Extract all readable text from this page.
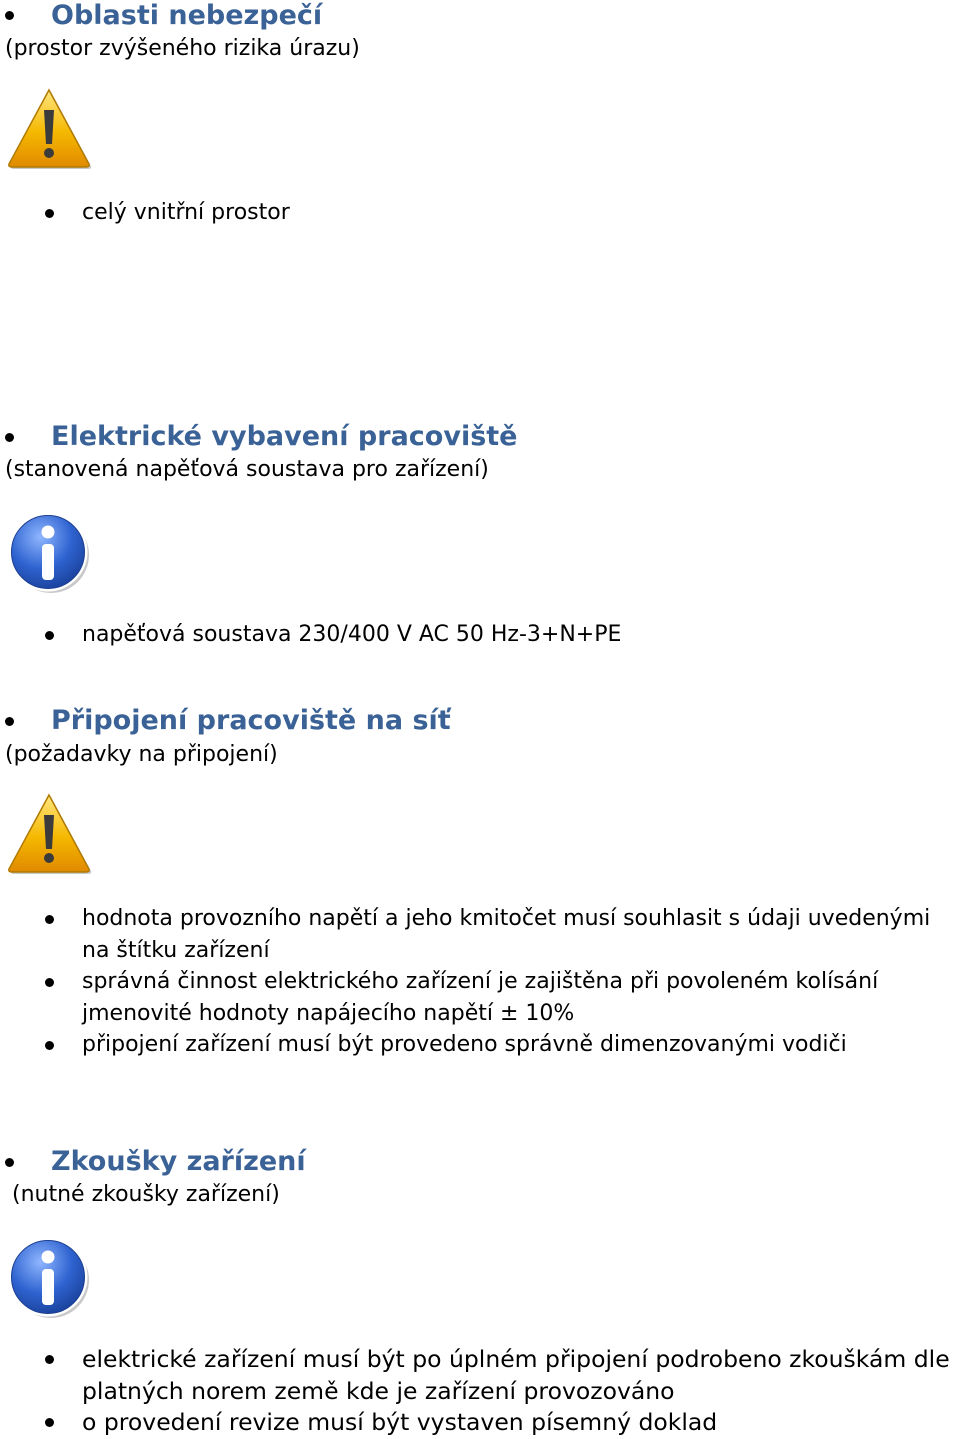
Oblasti nebezpečí
(prostor zvýšeného rizika úrazu)
celý vnitřní prostor
Elektrické vybavení pracoviště
(stanovená napěťová soustava pro zařízení)
napěťová soustava 230/400 V AC 50 Hz-3+N+PE
Připojení pracoviště na síť
(požadavky na připojení)
hodnota provozního napětí a jeho kmitočet musí souhlasit s údaji uvedenými
na štítku zařízení
správná činnost elektrického zařízení je zajištěna při povoleném kolísání
jmenovité hodnoty napájecího napětí ± 10%
připojení zařízení musí být provedeno správně dimenzovanými vodiči
Zkoušky zařízení
(nutné zkoušky zařízení)
elektrické zařízení musí být po úplném připojení podrobeno zkouškám dle
platných norem země kde je zařízení provozováno
o provedení revize musí být vystaven písemný doklad
